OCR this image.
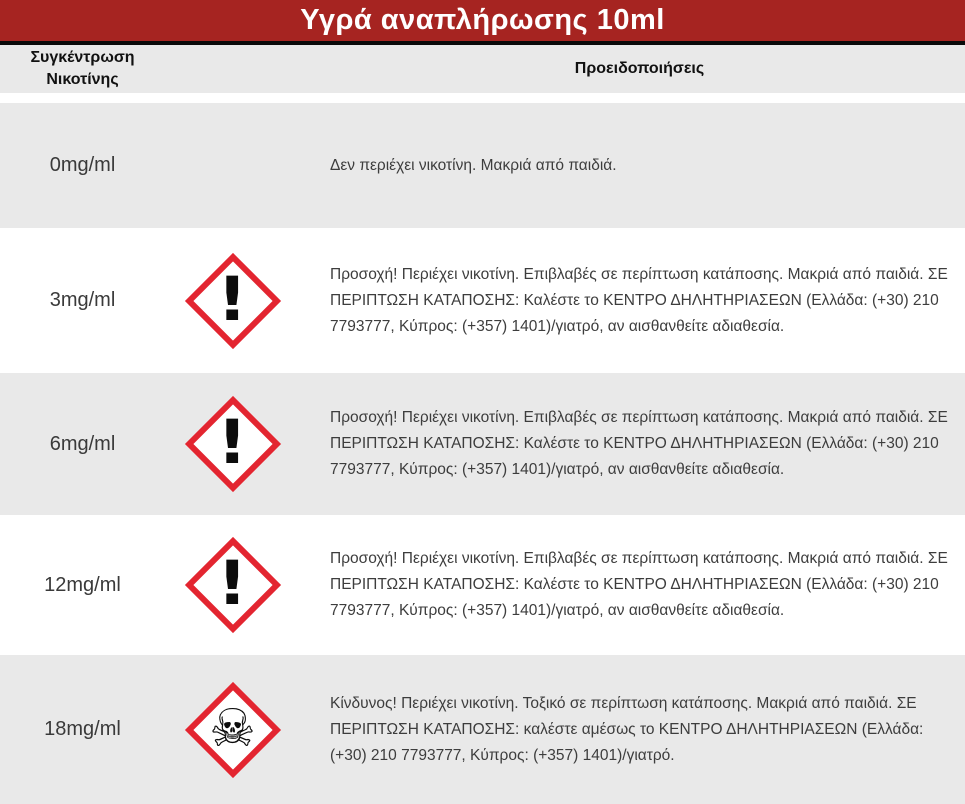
Υγρά αναπλήρωσης 10ml
Συγκέντρωση Νικοτίνης
Προειδοποιήσεις
0mg/ml	Δεν περιέχει νικοτίνη. Μακριά από παιδιά.

3mg/ml !	Προσοχή! Περιέχει νικοτίνη. Επιβλαβές σε περίπτωση κατάποσης. Μακριά από παιδιά. ΣΕ ΠΕΡΙΠΤΩΣΗ ΚΑΤΑΠΟΣΗΣ: Καλέστε το ΚΕΝΤΡΟ ΔΗΛΗΤΗΡΙΑΣΕΩΝ (Ελλάδα: (+30) 210 7793777, Κύπρος: (+357) 1401)/γιατρό, αν αισθανθείτε αδιαθεσία.

6mg/ml !	Προσοχή! Περιέχει νικοτίνη. Επιβλαβές σε περίπτωση κατάποσης. Μακριά από παιδιά. ΣΕ ΠΕΡΙΠΤΩΣΗ ΚΑΤΑΠΟΣΗΣ: Καλέστε το ΚΕΝΤΡΟ ΔΗΛΗΤΗΡΙΑΣΕΩΝ (Ελλάδα: (+30) 210 7793777, Κύπρος: (+357) 1401)/γιατρό, αν αισθανθείτε αδιαθεσία.

12mg/ml !	Προσοχή! Περιέχει νικοτίνη. Επιβλαβές σε περίπτωση κατάποσης. Μακριά από παιδιά. ΣΕ ΠΕΡΙΠΤΩΣΗ ΚΑΤΑΠΟΣΗΣ: Καλέστε το ΚΕΝΤΡΟ ΔΗΛΗΤΗΡΙΑΣΕΩΝ (Ελλάδα: (+30) 210 7793777, Κύπρος: (+357) 1401)/γιατρό, αν αισθανθείτε αδιαθεσία.

18mg/ml ☠	Κίνδυνος! Περιέχει νικοτίνη. Τοξικό σε περίπτωση κατάποσης. Μακριά από παιδιά. ΣΕ ΠΕΡΙΠΤΩΣΗ ΚΑΤΑΠΟΣΗΣ: καλέστε αμέσως το ΚΕΝΤΡΟ ΔΗΛΗΤΗΡΙΑΣΕΩΝ (Ελλάδα: (+30) 210 7793777, Κύπρος: (+357) 1401)/γιατρό.
